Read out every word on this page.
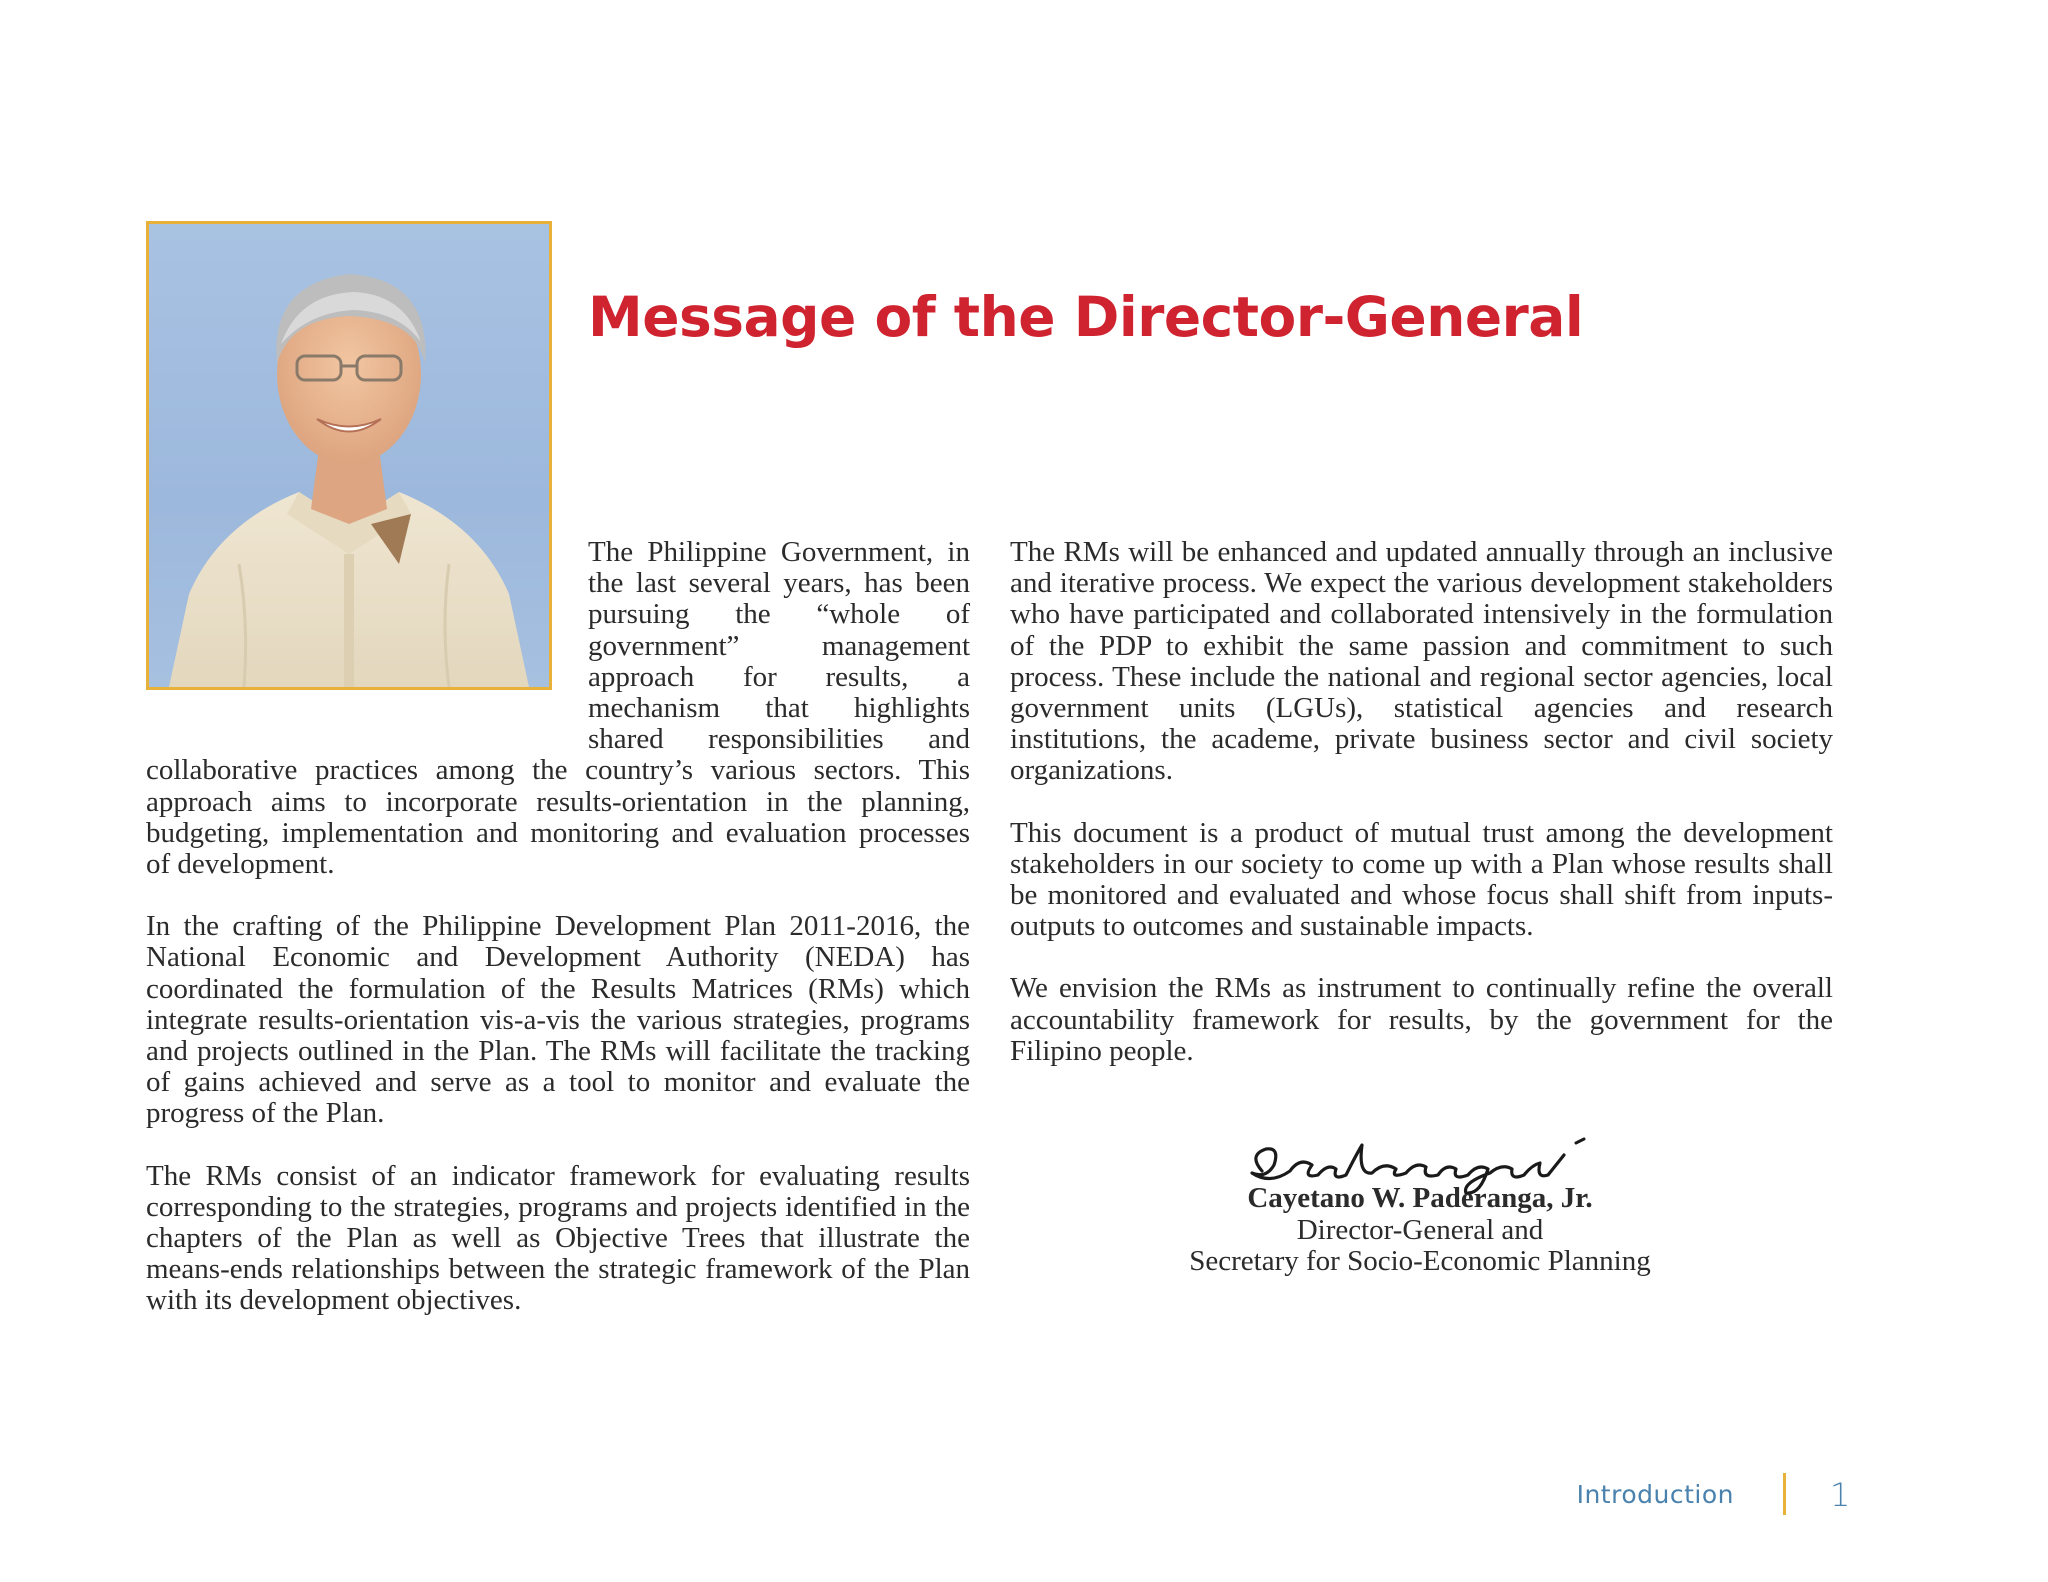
Message of the Director-General

The Philippine Government, in the last several years, has been pursuing the “whole of government” management approach for results, a mechanism that highlights shared responsibilities and collaborative practices among the country’s various sectors. This approach aims to incorporate results-orientation in the planning, budgeting, implementation and monitoring and evaluation processes of development.

In the crafting of the Philippine Development Plan 2011-2016, the National Economic and Development Authority (NEDA) has coordinated the formulation of the Results Matrices (RMs) which integrate results-orientation vis-a-vis the various strategies, programs and projects outlined in the Plan. The RMs will facilitate the tracking of gains achieved and serve as a tool to monitor and evaluate the progress of the Plan.

The RMs consist of an indicator framework for evaluating results corresponding to the strategies, programs and projects identified in the chapters of the Plan as well as Objective Trees that illustrate the means-ends relationships between the strategic framework of the Plan with its development objectives.

The RMs will be enhanced and updated annually through an inclusive and iterative process. We expect the various development stakeholders who have participated and collaborated intensively in the formulation of the PDP to exhibit the same passion and commitment to such process. These include the national and regional sector agencies, local government units (LGUs), statistical agencies and research institutions, the academe, private business sector and civil society organizations.

This document is a product of mutual trust among the development stakeholders in our society to come up with a Plan whose results shall be monitored and evaluated and whose focus shall shift from inputs-outputs to outcomes and sustainable impacts.

We envision the RMs as instrument to continually refine the overall accountability framework for results, by the government for the Filipino people.

Cayetano W. Paderanga, Jr.
Director-General and
Secretary for Socio-Economic Planning
Introduction	1
